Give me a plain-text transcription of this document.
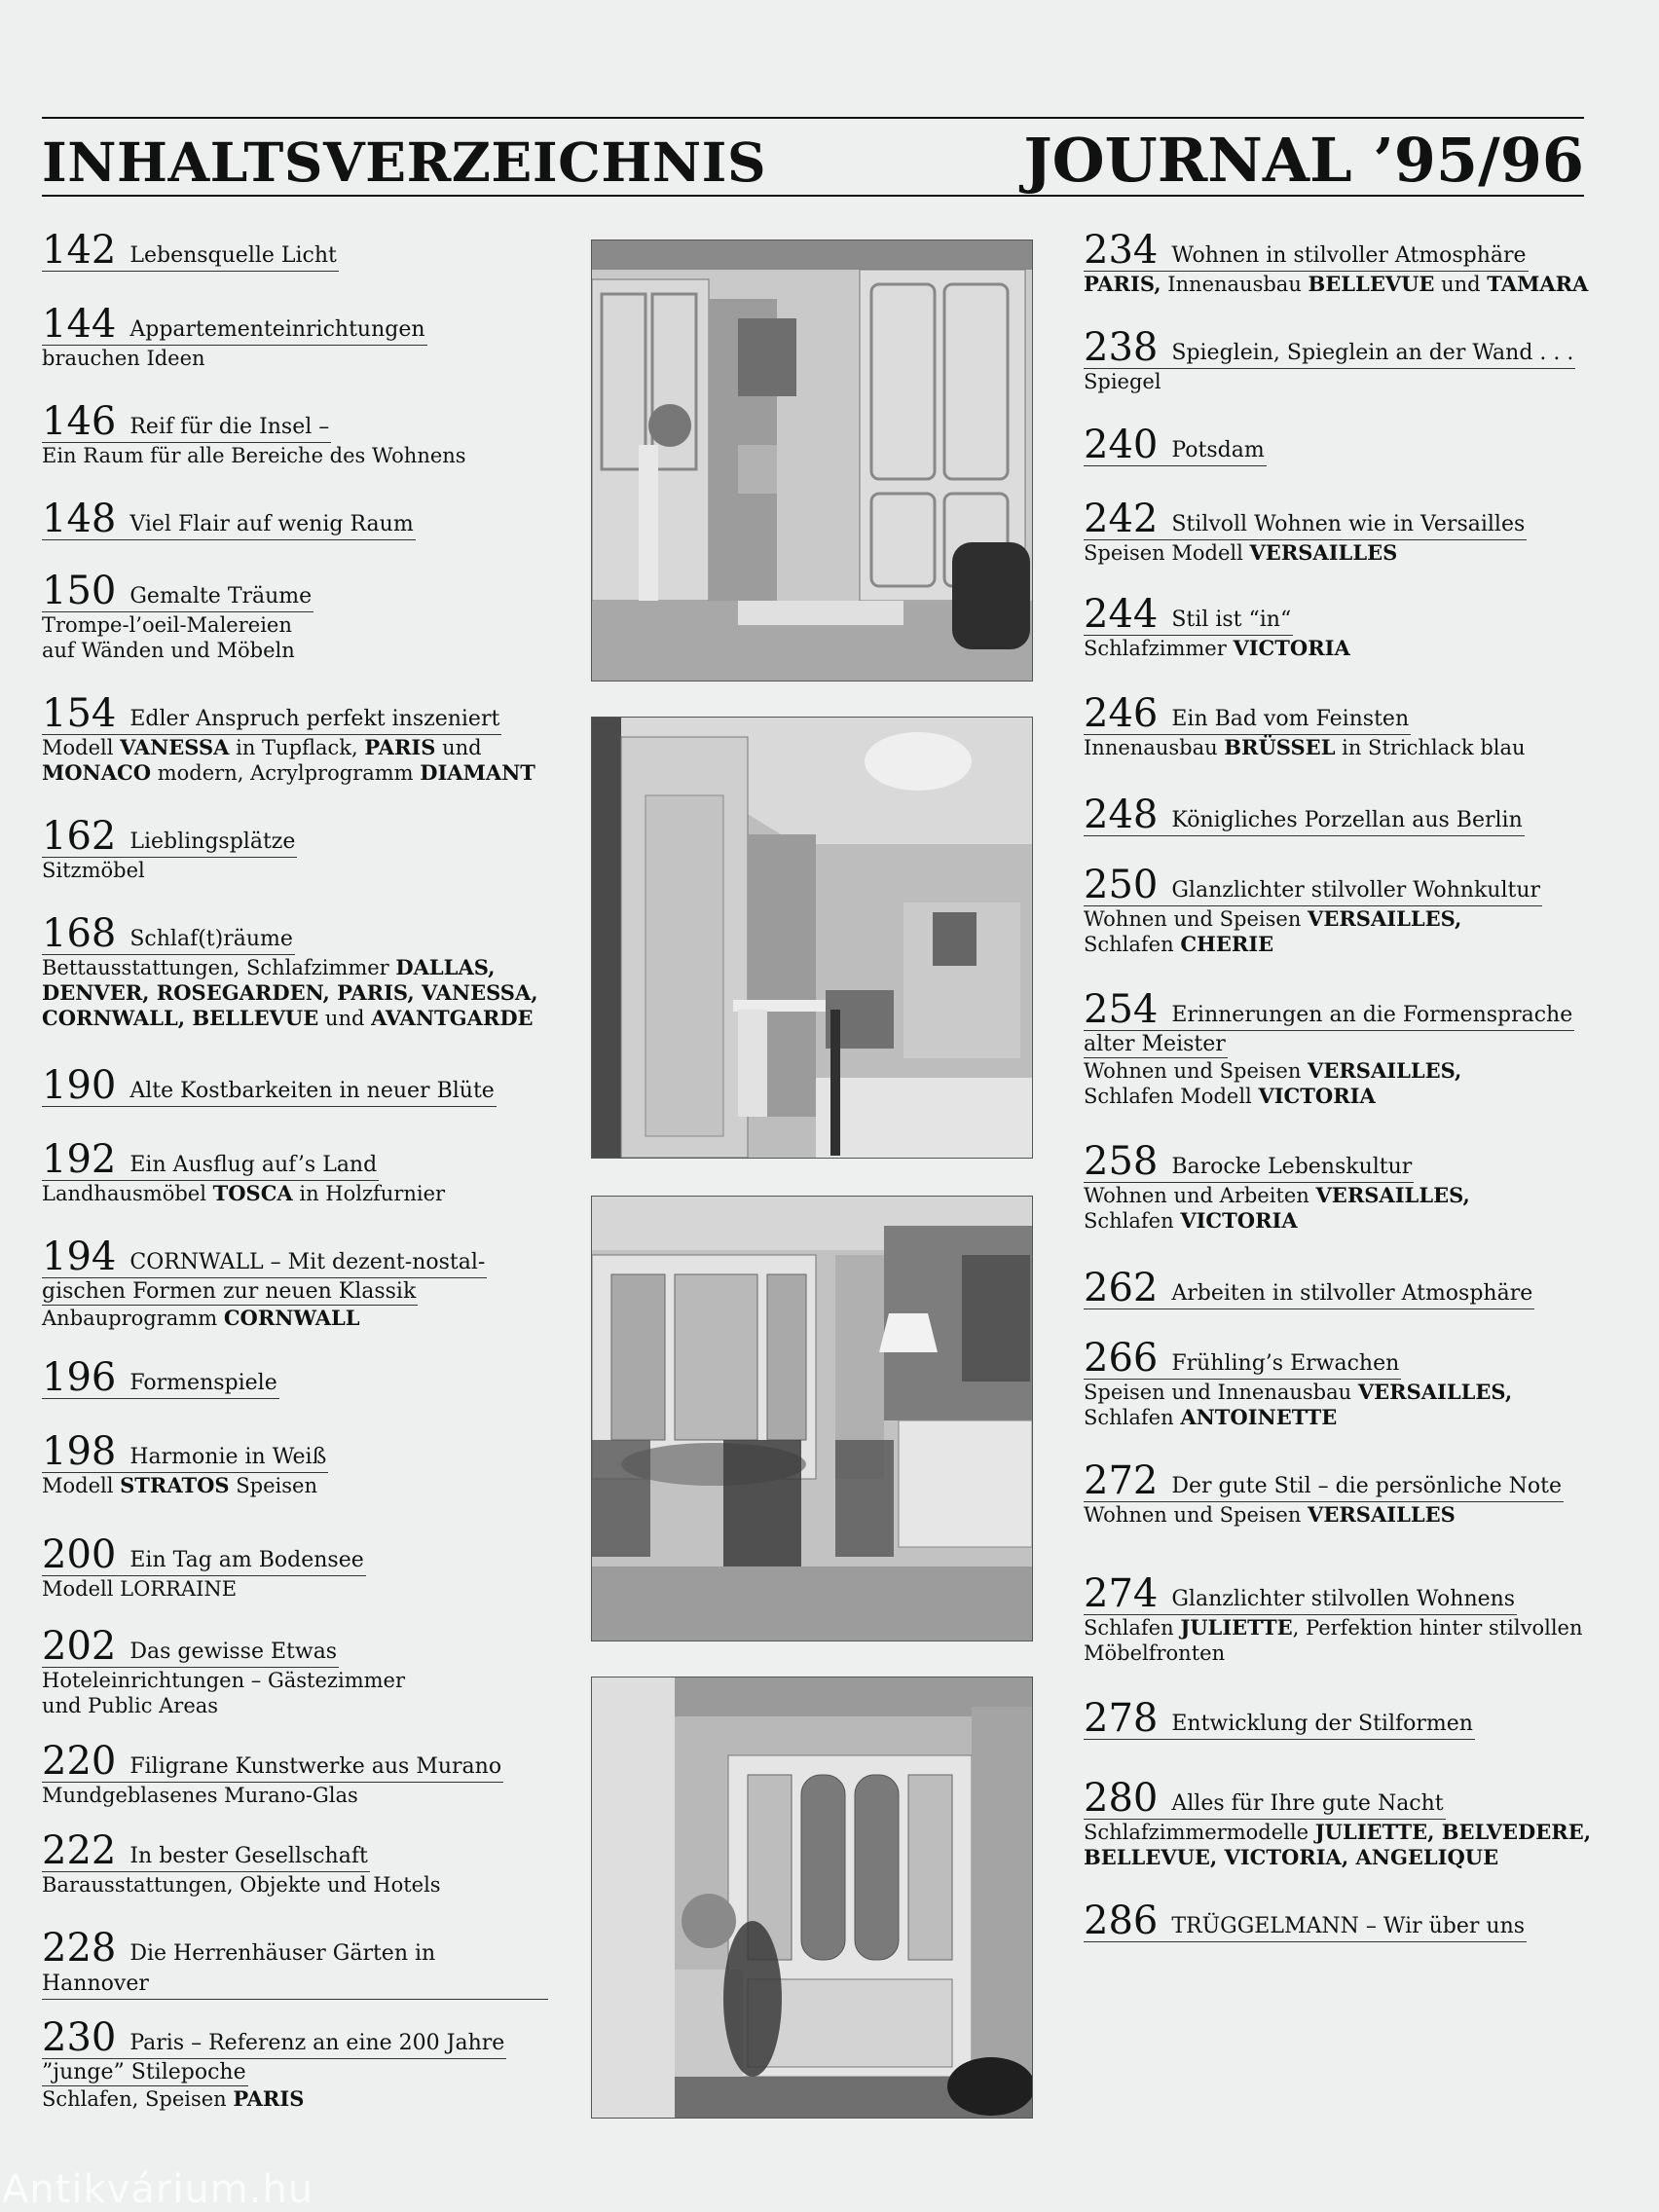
INHALTSVERZEICHNIS	JOURNAL ’95/96
142 Lebensquelle Licht
144 Appartementeinrichtungen
brauchen Ideen
146 Reif für die Insel –
Ein Raum für alle Bereiche des Wohnens
148 Viel Flair auf wenig Raum
150 Gemalte Träume
Trompe-l’oeil-Malereien
auf Wänden und Möbeln
154 Edler Anspruch perfekt inszeniert
Modell VANESSA in Tupflack, PARIS und
MONACO modern, Acrylprogramm DIAMANT
162 Lieblingsplätze
Sitzmöbel
168 Schlaf(t)räume
Bettausstattungen, Schlafzimmer DALLAS,
DENVER, ROSEGARDEN, PARIS, VANESSA,
CORNWALL, BELLEVUE und AVANTGARDE
190 Alte Kostbarkeiten in neuer Blüte
192 Ein Ausflug auf’s Land
Landhausmöbel TOSCA in Holzfurnier
194 CORNWALL – Mit dezent-nostal-
gischen Formen zur neuen Klassik
Anbauprogramm CORNWALL
196 Formenspiele
198 Harmonie in Weiß
Modell STRATOS Speisen
200 Ein Tag am Bodensee
Modell LORRAINE
202 Das gewisse Etwas
Hoteleinrichtungen – Gästezimmer
und Public Areas
220 Filigrane Kunstwerke aus Murano
Mundgeblasenes Murano-Glas
222 In bester Gesellschaft
Barausstattungen, Objekte und Hotels
228 Die Herrenhäuser Gärten in Hannover
230 Paris – Referenz an eine 200 Jahre
”junge” Stilepoche
Schlafen, Speisen PARIS
234 Wohnen in stilvoller Atmosphäre
PARIS, Innenausbau BELLEVUE und TAMARA
238 Spieglein, Spieglein an der Wand . . .
Spiegel
240 Potsdam
242 Stilvoll Wohnen wie in Versailles
Speisen Modell VERSAILLES
244 Stil ist “in“
Schlafzimmer VICTORIA
246 Ein Bad vom Feinsten
Innenausbau BRÜSSEL in Strichlack blau
248 Königliches Porzellan aus Berlin
250 Glanzlichter stilvoller Wohnkultur
Wohnen und Speisen VERSAILLES,
Schlafen CHERIE
254 Erinnerungen an die Formensprache
alter Meister
Wohnen und Speisen VERSAILLES,
Schlafen Modell VICTORIA
258 Barocke Lebenskultur
Wohnen und Arbeiten VERSAILLES,
Schlafen VICTORIA
262 Arbeiten in stilvoller Atmosphäre
266 Frühling’s Erwachen
Speisen und Innenausbau VERSAILLES,
Schlafen ANTOINETTE
272 Der gute Stil – die persönliche Note
Wohnen und Speisen VERSAILLES
274 Glanzlichter stilvollen Wohnens
Schlafen JULIETTE, Perfektion hinter stilvollen
Möbelfronten
278 Entwicklung der Stilformen
280 Alles für Ihre gute Nacht
Schlafzimmermodelle JULIETTE, BELVEDERE,
BELLEVUE, VICTORIA, ANGELIQUE
286 TRÜGGELMANN – Wir über uns
Antikvárium.hu
